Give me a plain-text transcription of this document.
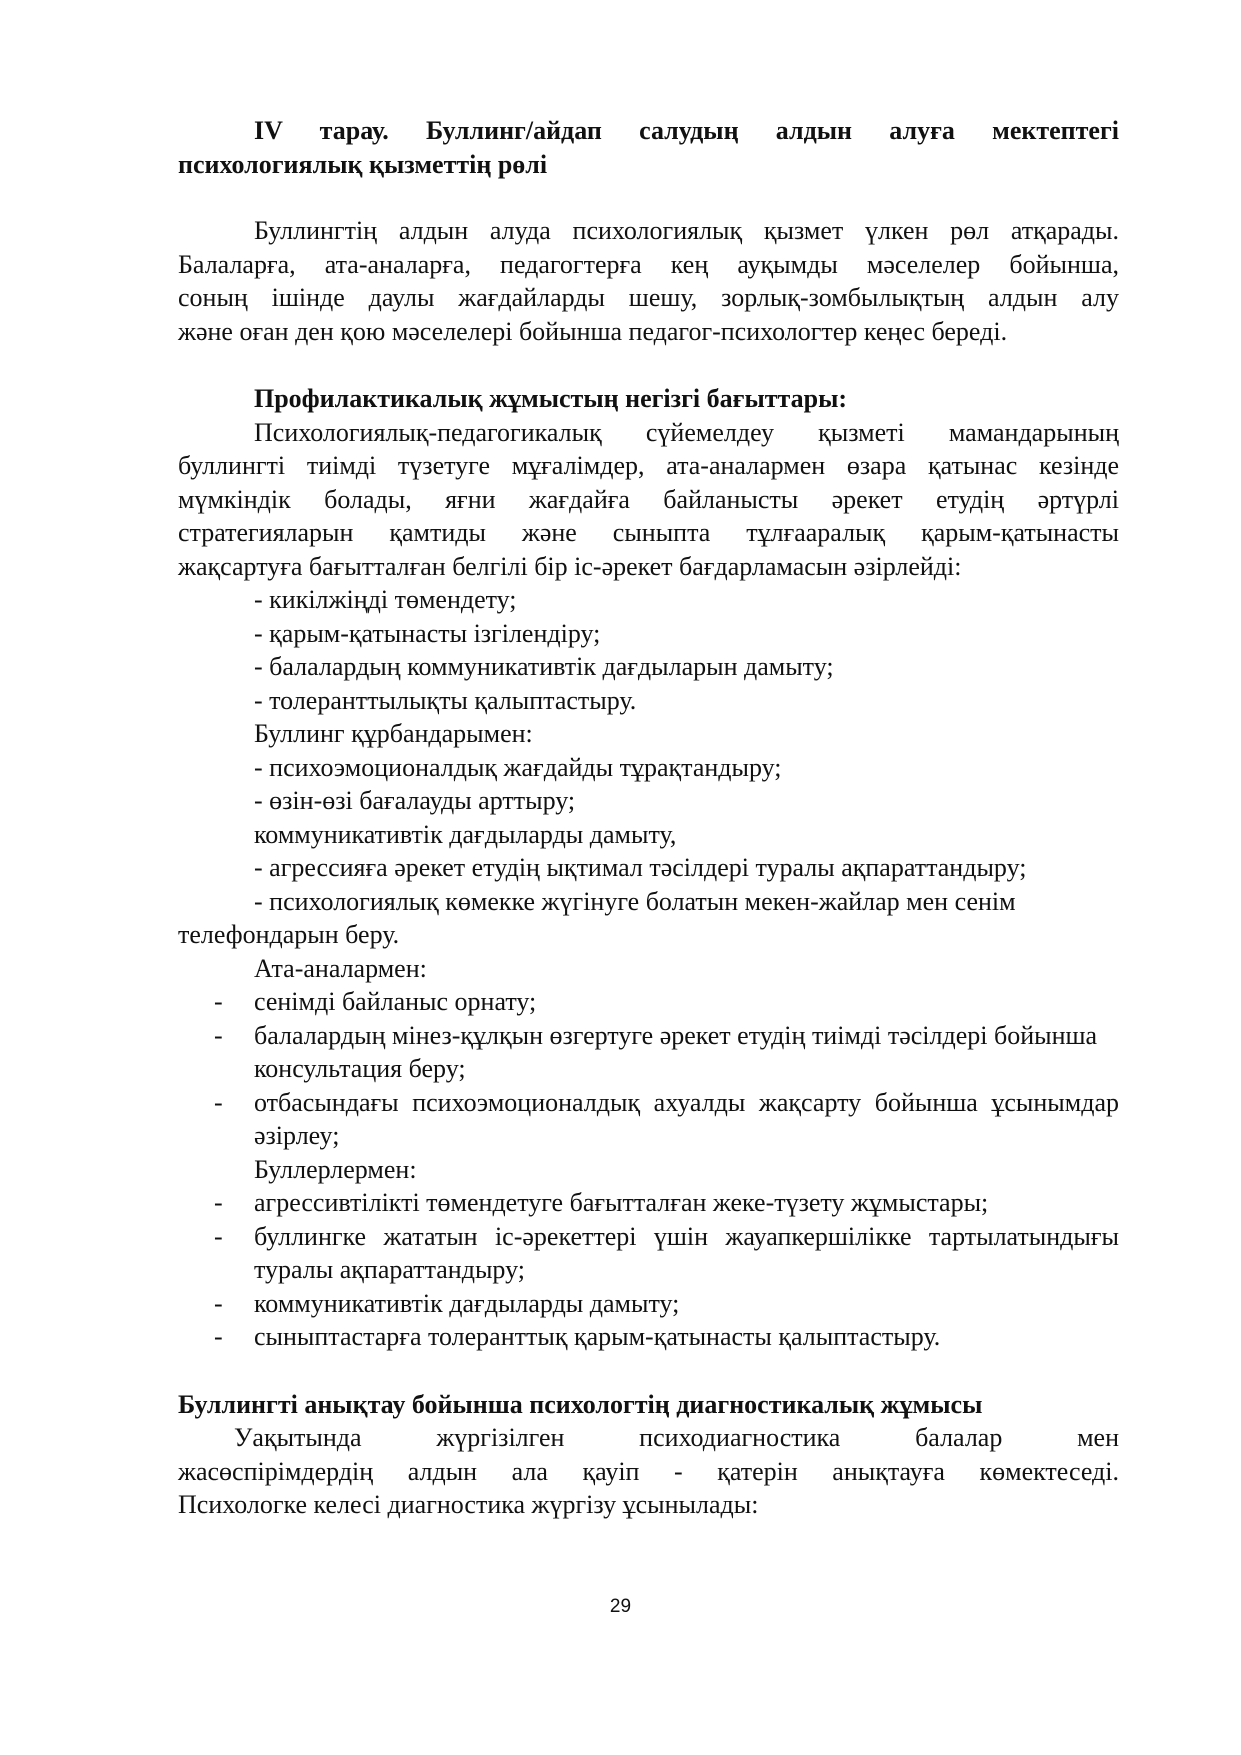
IV тарау. Буллинг/айдап салудың алдын алуға мектептегі

психологиялық қызметтің рөлі

Буллингтің алдын алуда психологиялық қызмет үлкен рөл атқарады.

Балаларға, ата-аналарға, педагогтерға кең ауқымды мәселелер бойынша,

соның ішінде даулы жағдайларды шешу, зорлық-зомбылықтың алдын алу

және оған ден қою мәселелері бойынша педагог-психологтер кеңес береді.

Профилактикалық жұмыстың негізгі бағыттары:

Психологиялық-педагогикалық сүйемелдеу қызметі мамандарының

буллингті тиімді түзетуге мұғалімдер, ата-аналармен өзара қатынас кезінде

мүмкіндік болады, яғни жағдайға байланысты әрекет етудің әртүрлі

стратегияларын қамтиды және сыныпта тұлғааралық қарым-қатынасты

жақсартуға бағытталған белгілі бір іс-әрекет бағдарламасын әзірлейді:

- кикілжіңді төмендету;

- қарым-қатынасты ізгілендіру;

- балалардың коммуникативтік дағдыларын дамыту;

- толеранттылықты қалыптастыру.

Буллинг құрбандарымен:

- психоэмоционалдық жағдайды тұрақтандыру;

- өзін-өзі бағалауды арттыру;

коммуникативтік дағдыларды дамыту,

- агрессияға әрекет етудің ықтимал тәсілдері туралы ақпараттандыру;

- психологиялық көмекке жүгінуге болатын мекен-жайлар мен сенім

телефондарын беру.

Ата-аналармен:

- сенімді байланыс орнату;
- балалардың мінез-құлқын өзгертуге әрекет етудің тиімді тәсілдері бойынша консультация беру;
- отбасындағы психоэмоционалдық ахуалды жақсарту бойынша ұсынымдар әзірлеу;

Буллерлермен:

- агрессивтілікті төмендетуге бағытталған жеке-түзету жұмыстары;
- буллингке жататын іс-әрекеттері үшін жауапкершілікке тартылатындығы туралы ақпараттандыру;
- коммуникативтік дағдыларды дамыту;
- сыныптастарға толеранттық қарым-қатынасты қалыптастыру.

Буллингті анықтау бойынша психологтің диагностикалық жұмысы

Уақытында жүргізілген психодиагностика балалар мен

жасөспірімдердің алдын ала қауіп - қатерін анықтауға көмектеседі.

Психологке келесі диагностика жүргізу ұсынылады:

29
